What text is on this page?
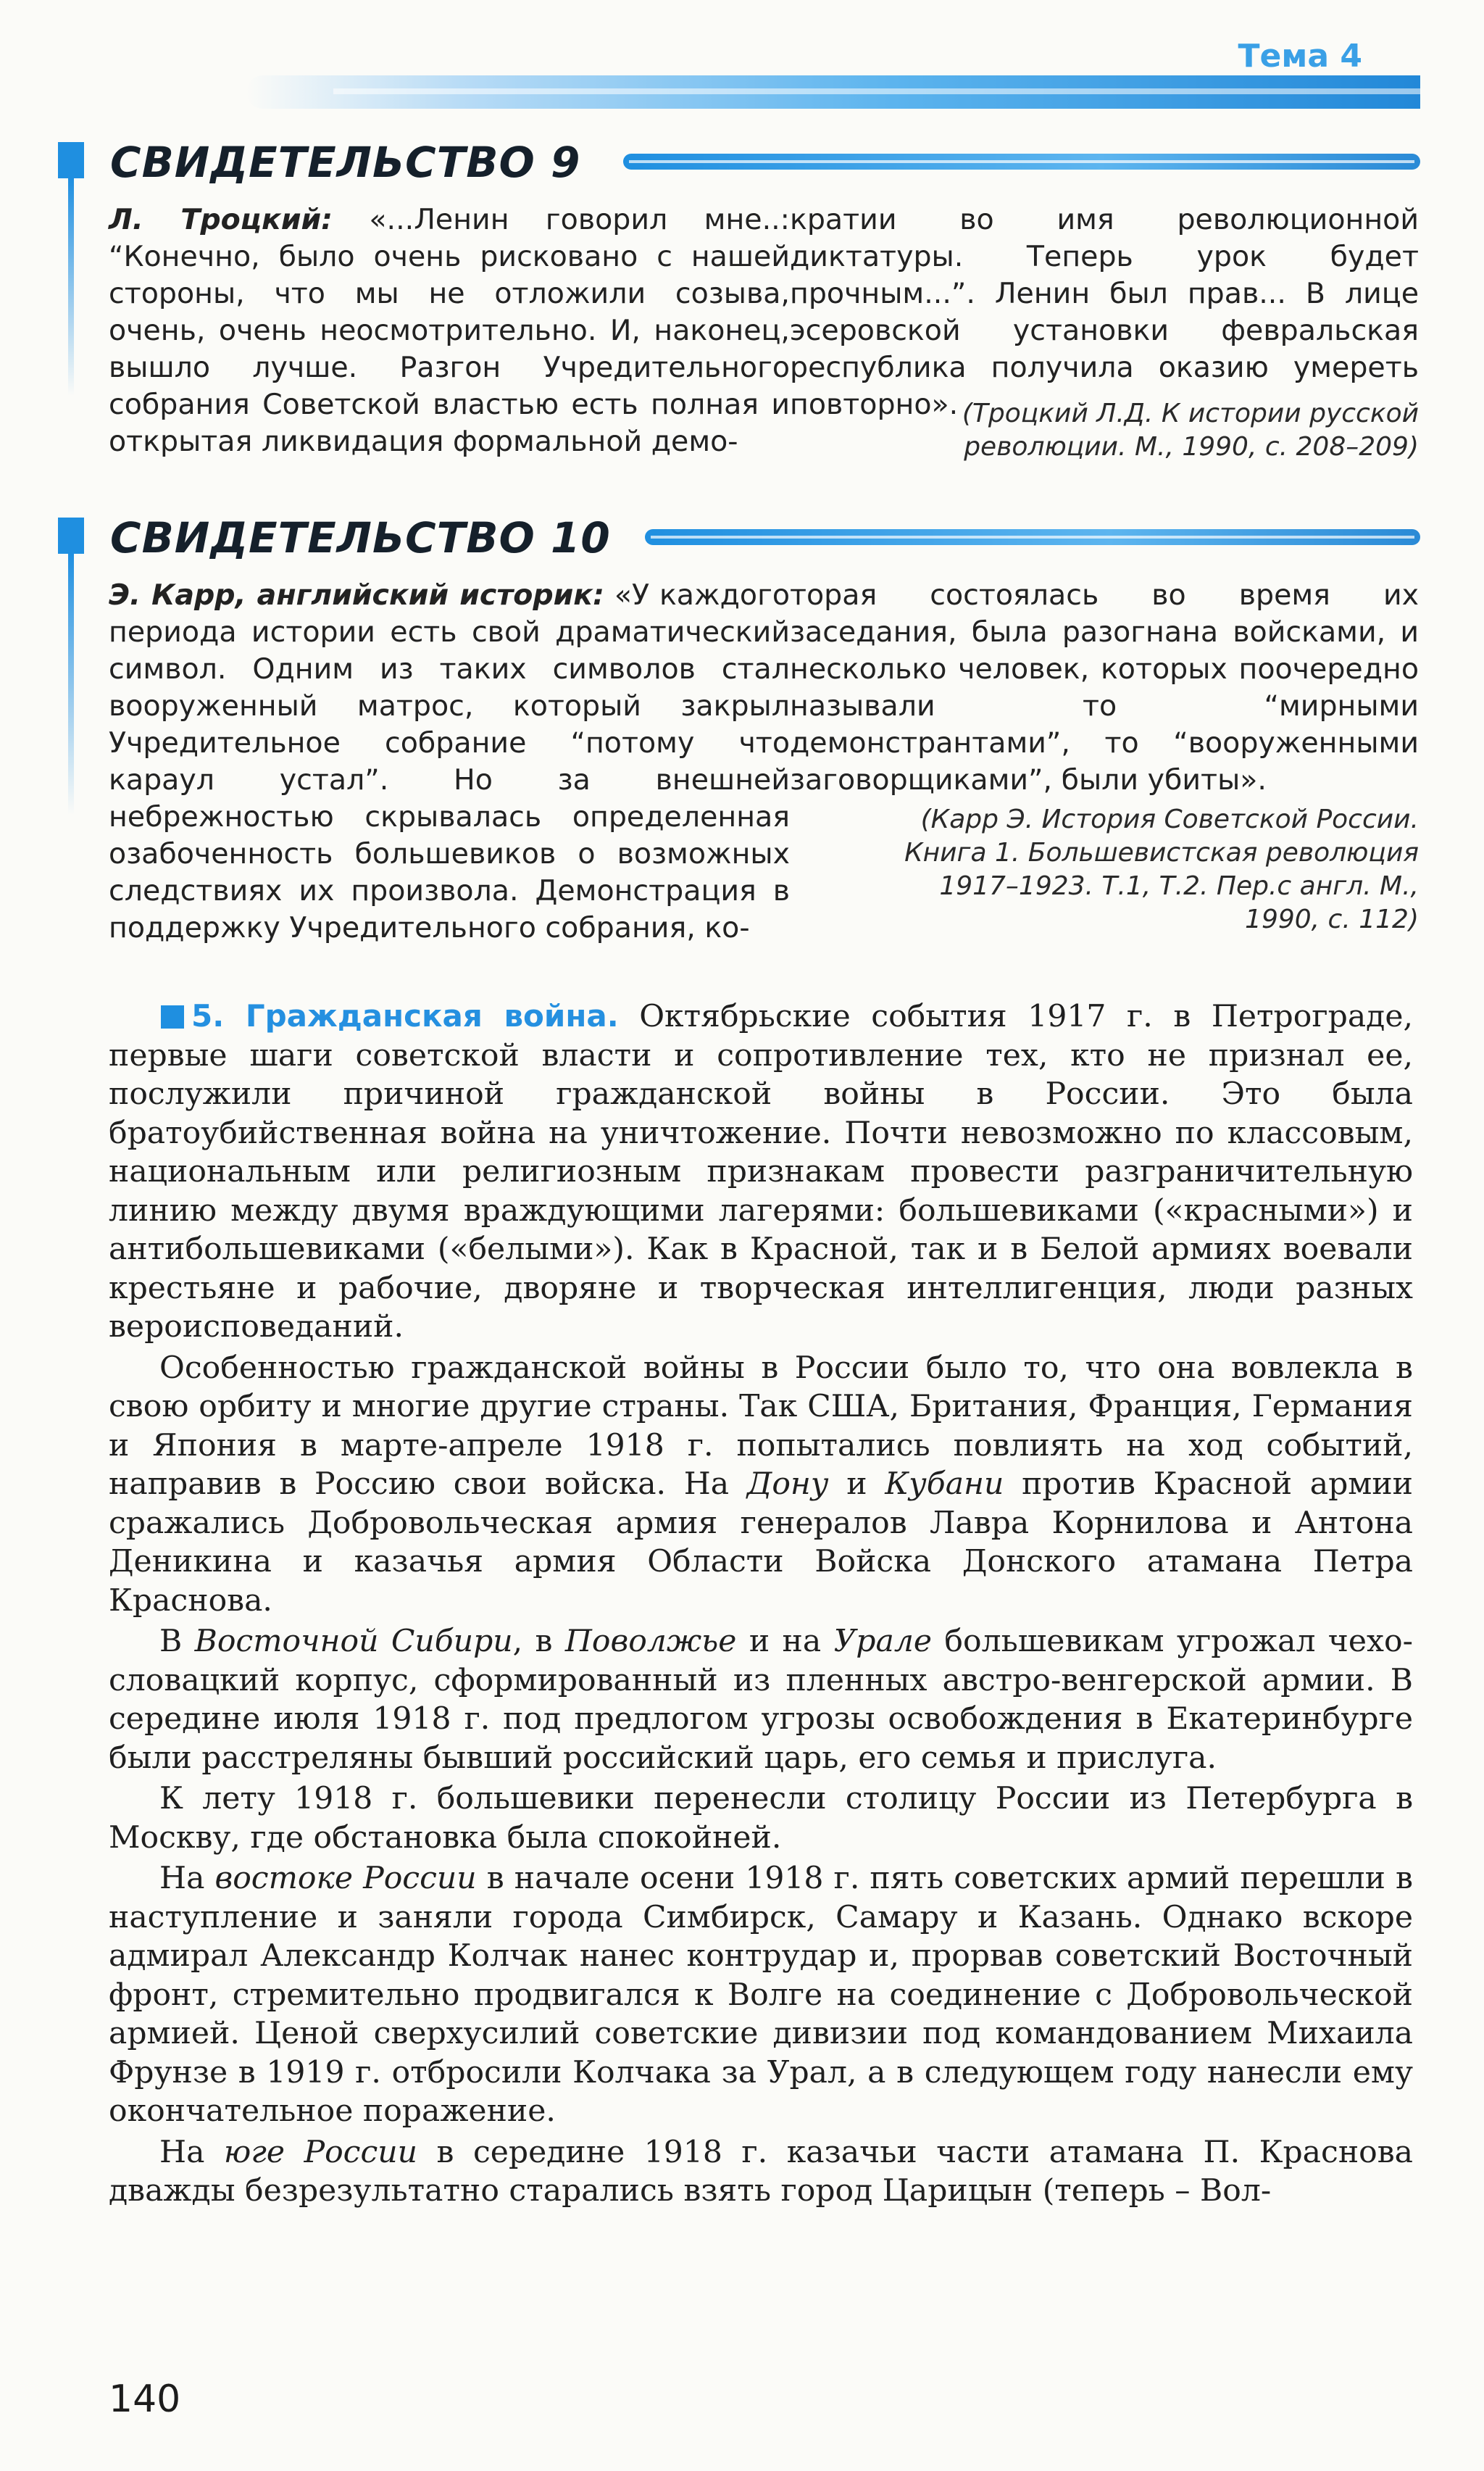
Тема 4
СВИДЕТЕЛЬСТВО 9

Л. Троцкий: «...Ленин говорил мне..: “Конечно, было очень рисковано с нашей стороны, что мы не отложили созыва, очень, очень неосмотрительно. И, наконец, вышло лучше. Разгон Учредительного собрания Советской властью есть полная и открытая ликвидация формальной демо-

кратии во имя революционной диктатуры. Теперь урок будет прочным...”. Ленин был прав... В лице эсеровской установки февральская республика получила оказию умереть повторно». (Троцкий Л.Д. К истории русской революции. М., 1990, с. 208–209)
СВИДЕТЕЛЬСТВО 10

Э. Карр, английский историк: «У каждого периода истории есть свой драматический символ. Одним из таких символов стал вооруженный матрос, который закрыл Учредительное собрание “потому что караул устал”. Но за внешней небрежностью скрывалась определенная озабоченность большевиков о возможных следствиях их произвола. Демонстрация в поддержку Учредительного собрания, ко-

торая состоялась во время их заседания, была разогнана войсками, и несколько человек, которых поочередно называли то “мирными демонстрантами”, то “вооруженными заговорщиками”, были убиты».

(Карр Э. История Советской России. Книга 1. Большевистская революция 1917–1923. Т.1, Т.2. Пер.с англ. М., 1990, с. 112)

5. Гражданская война. Октябрьские события 1917 г. в Петрограде, первые шаги советской власти и сопротивление тех, кто не признал ее, послужили причиной гражданской войны в России. Это была братоубийственная война на уничтожение. Почти невозможно по классовым, национальным или религиозным признакам провести разграничительную линию между двумя враждующими лагерями: большевиками («красными») и антибольшевиками («белыми»). Как в Красной, так и в Белой армиях воевали крестьяне и рабочие, дворяне и творческая интеллигенция, люди разных вероисповеданий.

Особенностью гражданской войны в России было то, что она вовлекла в свою орбиту и многие другие страны. Так США, Британия, Франция, Германия и Япония в марте-апреле 1918 г. попытались повлиять на ход событий, направив в Россию свои войска. На Дону и Кубани против Красной армии сражались Добровольческая армия генералов Лавра Корнилова и Антона Деникина и казачья армия Области Войска Донского атамана Петра Краснова.

В Восточной Сибири, в Поволжье и на Урале большевикам угрожал чехо-словацкий корпус, сформированный из пленных австро-венгерской армии. В середине июля 1918 г. под предлогом угрозы освобождения в Екатеринбурге были расстреляны бывший российский царь, его семья и прислуга.

К лету 1918 г. большевики перенесли столицу России из Петербурга в Москву, где обстановка была спокойней.

На востоке России в начале осени 1918 г. пять советских армий перешли в наступление и заняли города Симбирск, Самару и Казань. Однако вскоре адмирал Александр Колчак нанес контрудар и, прорвав советский Восточный фронт, стремительно продвигался к Волге на соединение с Добровольческой армией. Ценой сверхусилий советские дивизии под командованием Михаила Фрунзе в 1919 г. отбросили Колчака за Урал, а в следующем году нанесли ему окончательное поражение.

На юге России в середине 1918 г. казачьи части атамана П. Краснова дважды безрезультатно старались взять город Царицын (теперь – Вол-

140
